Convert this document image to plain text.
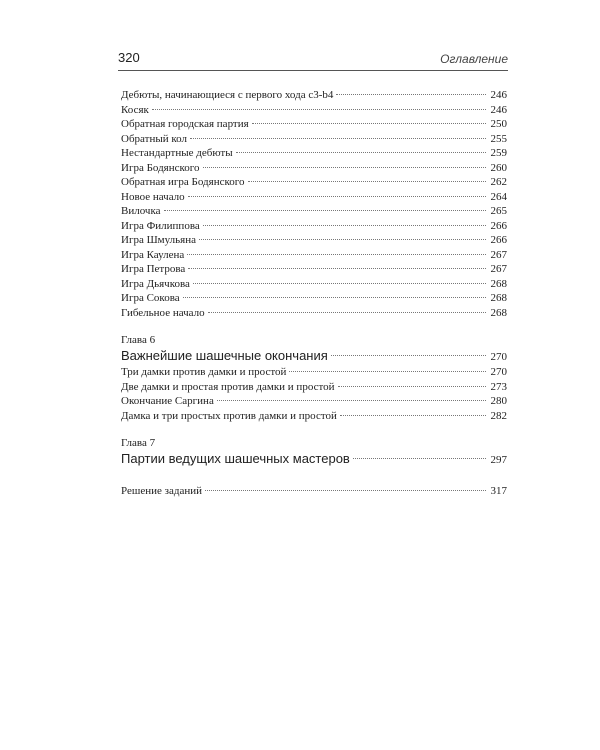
320	Оглавление
Дебюты, начинающиеся с первого хода c3-b4	246
Косяк	246
Обратная городская партия	250
Обратный кол	255
Нестандартные дебюты	259
Игра Бодянского	260
Обратная игра Бодянского	262
Новое начало	264
Вилочка	265
Игра Филиппова	266
Игра Шмульяна	266
Игра Каулена	267
Игра Петрова	267
Игра Дьячкова	268
Игра Сокова	268
Гибельное начало	268
Глава 6
Важнейшие шашечные окончания	270
Три дамки против дамки и простой	270
Две дамки и простая против дамки и простой	273
Окончание Саргина	280
Дамка и три простых против дамки и простой	282
Глава 7
Партии ведущих шашечных мастеров	297
Решение заданий	317
